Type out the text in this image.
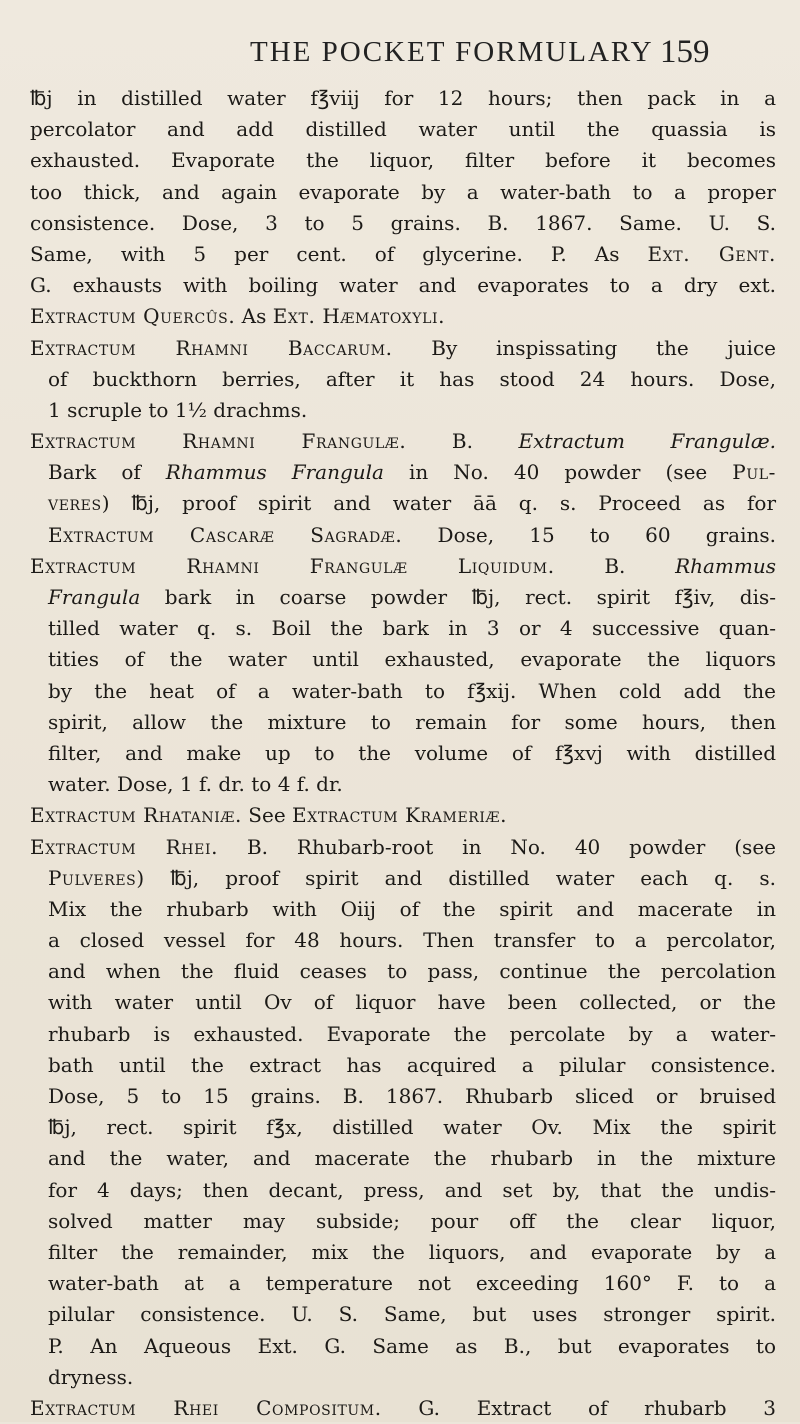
THE POCKET FORMULARY 159
℔j in distilled water f℥viij for 12 hours; then pack in a
percolator and add distilled water until the quassia is
exhausted. Evaporate the liquor, filter before it becomes
too thick, and again evaporate by a water-bath to a proper
consistence. Dose, 3 to 5 grains. B. 1867. Same. U. S.
Same, with 5 per cent. of glycerine. P. As Ext. Gent.
G. exhausts with boiling water and evaporates to a dry ext.
Extractum Quercûs. As Ext. Hæmatoxyli.
Extractum Rhamni Baccarum. By inspissating the juice
of buckthorn berries, after it has stood 24 hours. Dose,
1 scruple to 1½ drachms.
Extractum Rhamni Frangulæ. B. Extractum Frangulæ.
Bark of Rhammus Frangula in No. 40 powder (see Pul-
veres) ℔j, proof spirit and water āā q. s. Proceed as for
Extractum Cascaræ Sagradæ. Dose, 15 to 60 grains.
Extractum Rhamni Frangulæ Liquidum. B. Rhammus
Frangula bark in coarse powder ℔j, rect. spirit f℥iv, dis-
tilled water q. s. Boil the bark in 3 or 4 successive quan-
tities of the water until exhausted, evaporate the liquors
by the heat of a water-bath to f℥xij. When cold add the
spirit, allow the mixture to remain for some hours, then
filter, and make up to the volume of f℥xvj with distilled
water. Dose, 1 f. dr. to 4 f. dr.
Extractum Rhataniæ. See Extractum Krameriæ.
Extractum Rhei. B. Rhubarb-root in No. 40 powder (see
Pulveres) ℔j, proof spirit and distilled water each q. s.
Mix the rhubarb with Oiij of the spirit and macerate in
a closed vessel for 48 hours. Then transfer to a percolator,
and when the fluid ceases to pass, continue the percolation
with water until Ov of liquor have been collected, or the
rhubarb is exhausted. Evaporate the percolate by a water-
bath until the extract has acquired a pilular consistence.
Dose, 5 to 15 grains. B. 1867. Rhubarb sliced or bruised
℔j, rect. spirit f℥x, distilled water Ov. Mix the spirit
and the water, and macerate the rhubarb in the mixture
for 4 days; then decant, press, and set by, that the undis-
solved matter may subside; pour off the clear liquor,
filter the remainder, mix the liquors, and evaporate by a
water-bath at a temperature not exceeding 160° F. to a
pilular consistence. U. S. Same, but uses stronger spirit.
P. An Aqueous Ext. G. Same as B., but evaporates to
dryness.
Extractum Rhei Compositum. G. Extract of rhubarb 3
